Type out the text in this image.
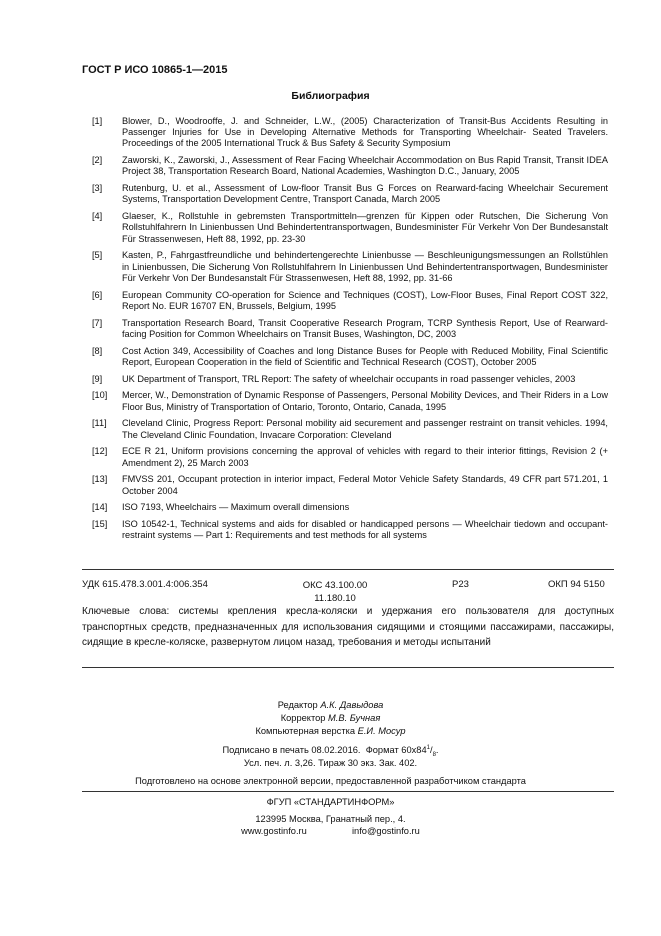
ГОСТ Р ИСО 10865-1—2015
Библиография
[1]	Blower, D., Woodrooffe, J. and Schneider, L.W., (2005) Characterization of Transit-Bus Accidents Resulting in Passenger Injuries for Use in Developing Alternative Methods for Transporting Wheelchair- Seated Travelers. Proceedings of the 2005 International Truck & Bus Safety & Security Symposium
[2]	Zaworski, K., Zaworski, J., Assessment of Rear Facing Wheelchair Accommodation on Bus Rapid Transit, Transit IDEA Project 38, Transportation Research Board, National Academies, Washington D.C., January, 2005
[3]	Rutenburg, U. et al., Assessment of Low-floor Transit Bus G Forces on Rearward-facing Wheelchair Securement Systems, Transportation Development Centre, Transport Canada, March 2005
[4]	Glaeser, K., Rollstuhle in gebremsten Transportmitteln—grenzen für Kippen oder Rutschen, Die Sicherung Von Rollstuhlfahrern In Linienbussen Und Behindertentransportwagen, Bundesminister Für Verkehr Von Der Bundesanstalt Für Strassenwesen, Heft 88, 1992, pp. 23-30
[5]	Kasten, P., Fahrgastfreundliche und behindertengerechte Linienbusse — Beschleunigungsmessungen an Rollstühlen in Linienbussen, Die Sicherung Von Rollstuhlfahrern In Linienbussen Und Behindertentransportwagen, Bundesminister Für Verkehr Von Der Bundesanstalt Für Strassenwesen, Heft 88, 1992, pp. 31-66
[6]	European Community CO-operation for Science and Techniques (COST), Low-Floor Buses, Final Report COST 322, Report No. EUR 16707 EN, Brussels, Belgium, 1995
[7]	Transportation Research Board, Transit Cooperative Research Program, TCRP Synthesis Report, Use of Rearward-facing Position for Common Wheelchairs on Transit Buses, Washington, DC, 2003
[8]	Cost Action 349, Accessibility of Coaches and long Distance Buses for People with Reduced Mobility, Final Scientific Report, European Cooperation in the field of Scientific and Technical Research (COST), October 2005
[9]	UK Department of Transport, TRL Report: The safety of wheelchair occupants in road passenger vehicles, 2003
[10]	Mercer, W., Demonstration of Dynamic Response of Passengers, Personal Mobility Devices, and Their Riders in a Low Floor Bus, Ministry of Transportation of Ontario, Toronto, Ontario, Canada, 1995
[11]	Cleveland Clinic, Progress Report: Personal mobility aid securement and passenger restraint on transit vehicles. 1994, The Cleveland Clinic Foundation, Invacare Corporation: Cleveland
[12]	ECE R 21, Uniform provisions concerning the approval of vehicles with regard to their interior fittings, Revision 2 (+ Amendment 2), 25 March 2003
[13]	FMVSS 201, Occupant protection in interior impact, Federal Motor Vehicle Safety Standards, 49 CFR part 571.201, 1 October 2004
[14]	ISO 7193, Wheelchairs — Maximum overall dimensions
[15]	ISO 10542-1, Technical systems and aids for disabled or handicapped persons — Wheelchair tiedown and occupant-restraint systems — Part 1: Requirements and test methods for all systems
УДК 615.478.3.001.4:006.354	ОКС 43.100.00
11.180.10
Р23	ОКП 94 5150
Ключевые слова: системы крепления кресла-коляски и удержания его пользователя для доступных транспортных средств, предназначенных для использования сидящими и стоящими пассажирами, пассажиры, сидящие в кресле-коляске, развернутом лицом назад, требования и методы испытаний
Редактор А.К. Давыдова
Корректор М.В. Бучная
Компьютерная верстка Е.И. Мосур
Подписано в печать 08.02.2016. Формат $60х84^1/_8$.
Усл. печ. л. 3,26. Тираж 30 экз. Зак. 402.
Подготовлено на основе электронной версии, предоставленной разработчиком стандарта
ФГУП «СТАНДАРТИНФОРМ»
123995 Москва, Гранатный пер., 4.
www.gostinfo.ru	info@gostinfo.ru
